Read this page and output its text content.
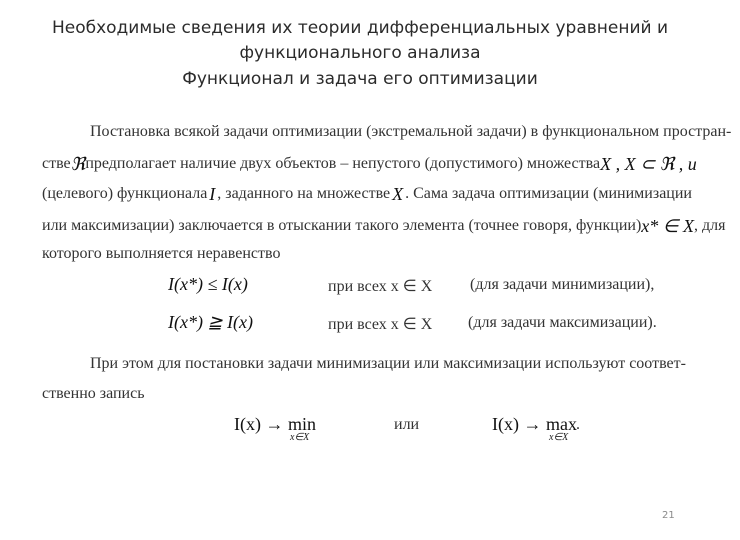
Необходимые сведения их теории дифференциальных уравнений и
функционального анализа
Функционал и задача его оптимизации
Постановка всякой задачи оптимизации (экстремальной задачи) в функциональном простран-
стве ℜ предполагает наличие двух объектов – непустого (допустимого) множества X , X ⊂ ℜ , и
(целевого) функционала I , заданного на множестве X . Сама задача оптимизации (минимизации
или максимизации) заключается в отыскании такого элемента (точнее говоря, функции) x* ∈ X , для
которого выполняется неравенство
I(x*) ≤ I(x)	при всех x ∈ X (для задачи минимизации),
I(x*) ≧ I(x)	при всех x ∈ X (для задачи максимизации).
При этом для постановки задачи минимизации или максимизации используют соответ-
ственно запись
I(x) → min
x∈X
или	I(x) → max .
x∈X
21
